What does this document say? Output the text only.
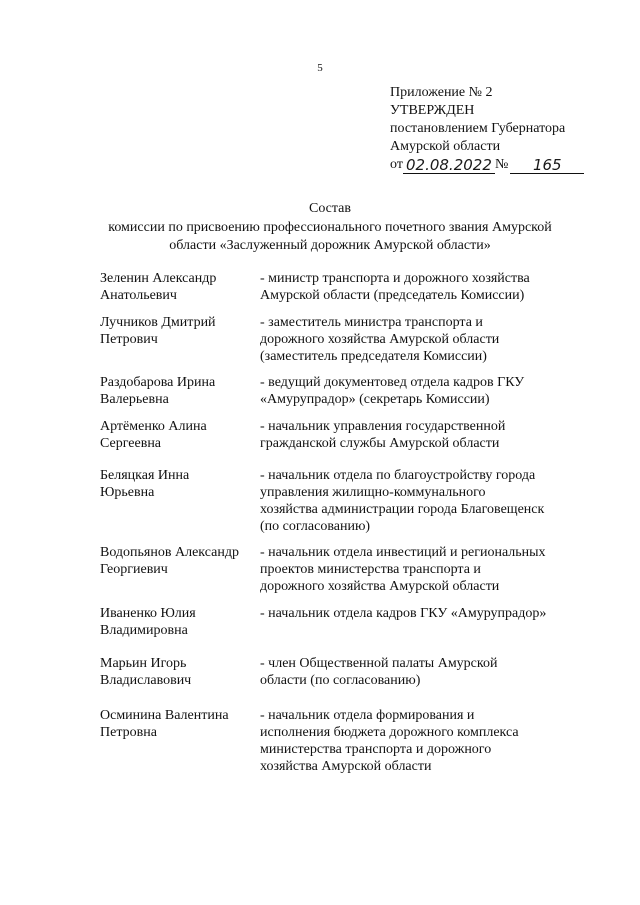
5
Приложение № 2
УТВЕРЖДЕН
постановлением Губернатора
Амурской области
от 02.08.2022 №	165
Состав
комиссии по присвоению профессионального почетного звания Амурской
области «Заслуженный дорожник Амурской области»
Зеленин Александр
Анатольевич
- министр транспорта и дорожного хозяйства
Амурской области (председатель Комиссии)
Лучников Дмитрий
Петрович
- заместитель министра транспорта и
дорожного хозяйства Амурской области
(заместитель председателя Комиссии)
Раздобарова Ирина
Валерьевна
- ведущий документовед отдела кадров ГКУ
«Амурупрадор» (секретарь Комиссии)
Артёменко Алина
Сергеевна
- начальник управления государственной
гражданской службы Амурской области
Беляцкая Инна
Юрьевна
- начальник отдела по благоустройству города
управления жилищно-коммунального
хозяйства администрации города Благовещенск
(по согласованию)
Водопьянов Александр
Георгиевич
- начальник отдела инвестиций и региональных
проектов министерства транспорта и
дорожного хозяйства Амурской области
Иваненко Юлия
Владимировна
- начальник отдела кадров ГКУ «Амурупрадор»
Марьин Игорь
Владиславович
- член Общественной палаты Амурской
области (по согласованию)
Осминина Валентина
Петровна
- начальник отдела формирования и
исполнения бюджета дорожного комплекса
министерства транспорта и дорожного
хозяйства Амурской области
